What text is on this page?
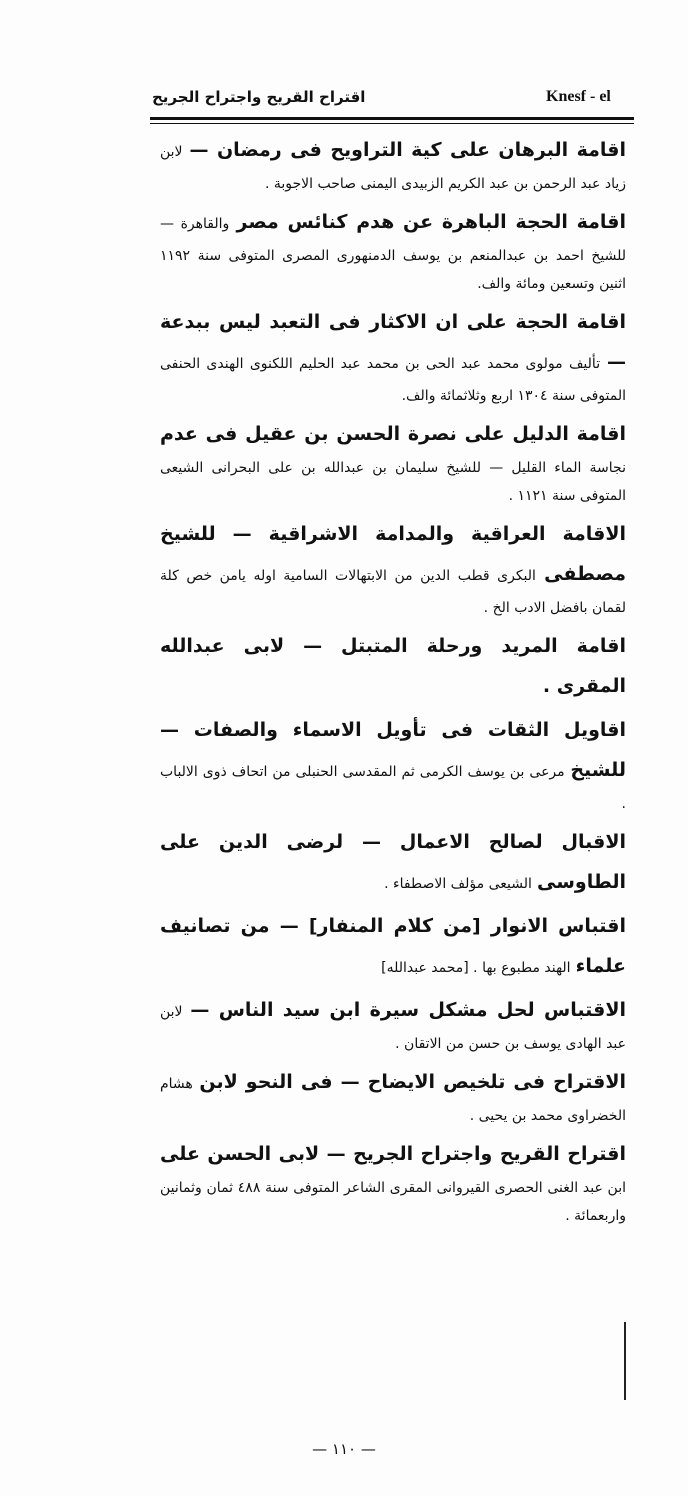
اقتراح القريح واجتراح الجريح	Knesf - el

اقامة البرهان على كية التراويح فى رمضان — لابن زياد عبد الرحمن بن عبد الكريم الزبيدى اليمنى صاحب الاجوبة .

اقامة الحجة الباهرة عن هدم كنائس مصر والقاهرة — للشيخ احمد بن عبدالمنعم بن يوسف الدمنهورى المصرى المتوفى سنة ١١٩٢ اثنين وتسعين ومائة والف.

اقامة الحجة على ان الاكثار فى التعبد ليس ببدعة — تأليف مولوى محمد عبد الحى بن محمد عبد الحليم اللكنوى الهندى الحنفى المتوفى سنة ١٣٠٤ اربع وثلاثمائة والف.

اقامة الدليل على نصرة الحسن بن عقيل فى عدم نجاسة الماء القليل — للشيخ سليمان بن عبدالله بن على البحرانى الشيعى المتوفى سنة ١١٢١ .

الاقامة العراقية والمدامة الاشراقية — للشيخ مصطفى البكرى قطب الدين من الابتهالات السامية اوله يامن خص كلة لقمان بافضل الادب الخ .

اقامة المريد ورحلة المتبتل — لابى عبدالله المقرى .

اقاويل الثقات فى تأويل الاسماء والصفات — للشيخ مرعى بن يوسف الكرمى ثم المقدسى الحنبلى من اتحاف ذوى الالباب .

الاقبال لصالح الاعمال — لرضى الدين على الطاوسى الشيعى مؤلف الاصطفاء .

اقتباس الانوار [من كلام المنفار] — من تصانيف علماء الهند مطبوع بها . [محمد عبدالله]

الاقتباس لحل مشكل سيرة ابن سيد الناس — لابن عبد الهادى يوسف بن حسن من الاتقان .

الاقتراح فى تلخيص الايضاح — فى النحو لابن هشام الخضراوى محمد بن يحيى .

اقتراح القريح واجتراح الجريح — لابى الحسن على ابن عبد الغنى الحصرى القيروانى المقرى الشاعر المتوفى سنة ٤٨٨ ثمان وثمانين واربعمائة .

— ١١٠ —
